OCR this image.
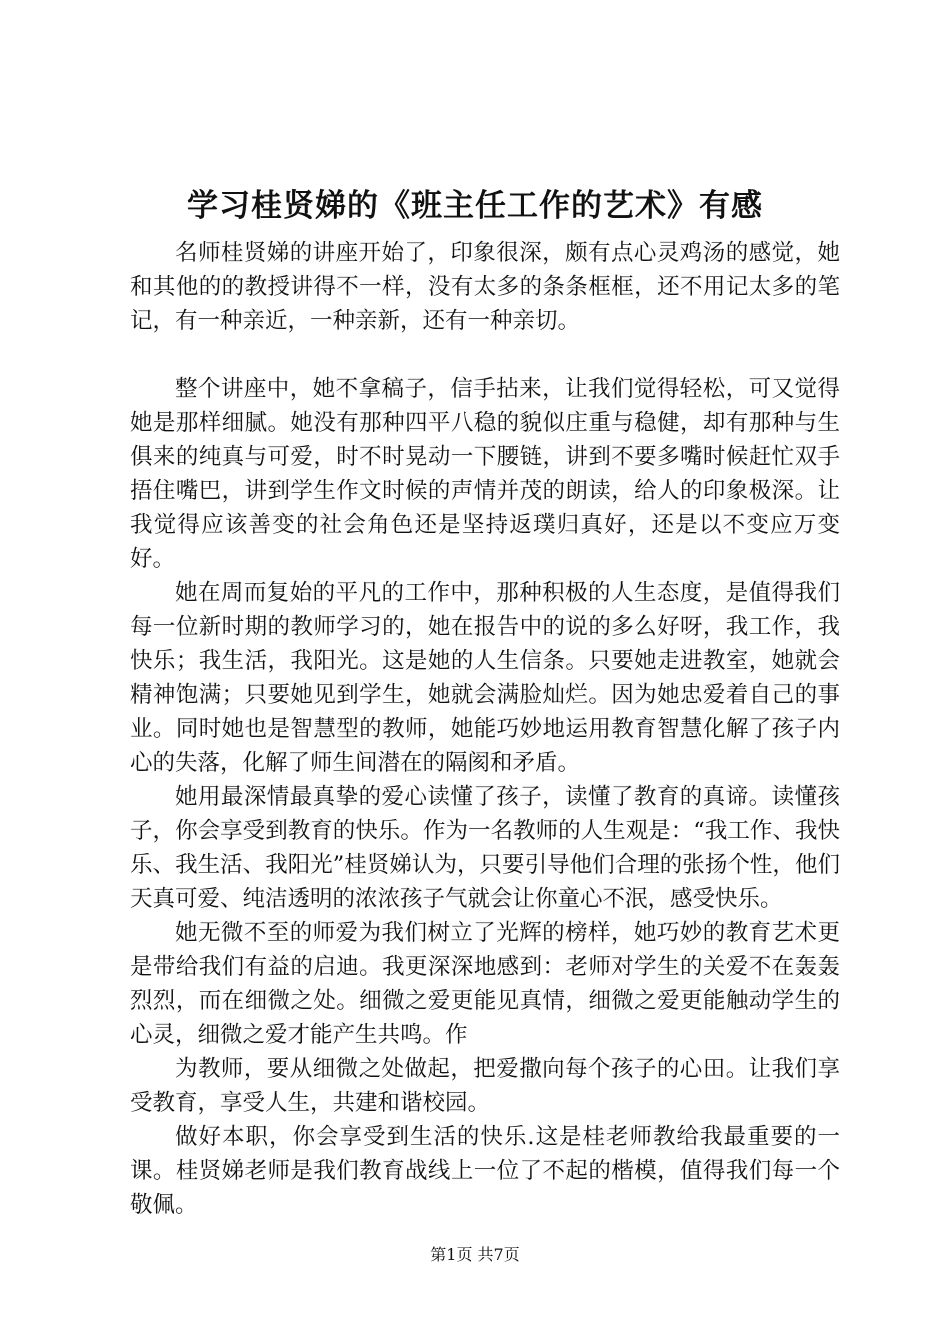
学习桂贤娣的《班主任工作的艺术》有感

名师桂贤娣的讲座开始了，印象很深，颇有点心灵鸡汤的感觉，她和其他的的教授讲得不一样，没有太多的条条框框，还不用记太多的笔记，有一种亲近，一种亲新，还有一种亲切。

整个讲座中，她不拿稿子，信手拈来，让我们觉得轻松，可又觉得她是那样细腻。她没有那种四平八稳的貌似庄重与稳健，却有那种与生俱来的纯真与可爱，时不时晃动一下腰链，讲到不要多嘴时候赶忙双手捂住嘴巴，讲到学生作文时候的声情并茂的朗读，给人的印象极深。让我觉得应该善变的社会角色还是坚持返璞归真好，还是以不变应万变好。

她在周而复始的平凡的工作中，那种积极的人生态度，是值得我们每一位新时期的教师学习的，她在报告中的说的多么好呀，我工作，我快乐；我生活，我阳光。这是她的人生信条。只要她走进教室，她就会精神饱满；只要她见到学生，她就会满脸灿烂。因为她忠爱着自己的事业。同时她也是智慧型的教师，她能巧妙地运用教育智慧化解了孩子内心的失落，化解了师生间潜在的隔阂和矛盾。

她用最深情最真挚的爱心读懂了孩子，读懂了教育的真谛。读懂孩子，你会享受到教育的快乐。作为一名教师的人生观是：“我工作、我快乐、我生活、我阳光”桂贤娣认为，只要引导他们合理的张扬个性，他们天真可爱、纯洁透明的浓浓孩子气就会让你童心不泯，感受快乐。

她无微不至的师爱为我们树立了光辉的榜样，她巧妙的教育艺术更是带给我们有益的启迪。我更深深地感到：老师对学生的关爱不在轰轰烈烈，而在细微之处。细微之爱更能见真情，细微之爱更能触动学生的心灵，细微之爱才能产生共鸣。作

为教师，要从细微之处做起，把爱撒向每个孩子的心田。让我们享受教育，享受人生，共建和谐校园。

做好本职，你会享受到生活的快乐.这是桂老师教给我最重要的一课。桂贤娣老师是我们教育战线上一位了不起的楷模，值得我们每一个敬佩。

第1页 共7页
